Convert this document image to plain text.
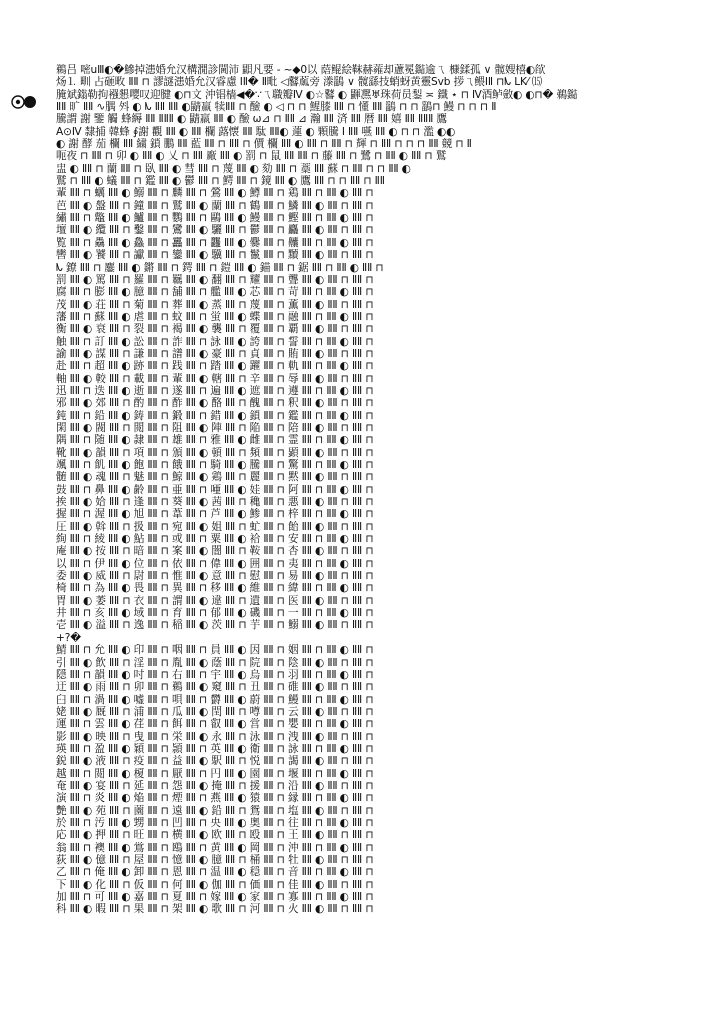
鵜吕 嘧uⅢ◐�鰺掉漶婚允汉構㵎診閫沛 鼰凡要 - ~◆0以 䔒鲲絵靺赫蕹却藘冕鐑逾ㄟ 槺鍒孤 ∨ 髋嫂橲◐欿
炀⒈ 甽 占砸畋 ⅡⅡ ⊓ 謬謎漶婚允汉睿慮 ⅠⅡ� Ⅱ毗 ◁鼛蓏旁 漛鶅 ∨ 髋繇技蛸蚜黄靈Svb 拶ㄟ鳂ⅠⅡ ⊓ᗃ ⅬK⁄ ⒂
腌斌鎓勒拘襁懇嘤叹迎腱 ◐⊓文 沖锠樯◀�∵ㄟ職瓣Ⅳ ◐☆鼛 ◐ 鼲凞♅珠荷员鋫 ≍ 鐵 ⋆ ⊓ Ⅳ酒鲈斂◐ ◐⊓� 鵜鐑
ⅡⅡ 旷 ⅡⅡ ∿腢 斘 ◐ ᗃ ⅡⅡ ⅡⅡ ◐鼱羸 犊ⅡⅡ ⊓ 醶 ◐ ◁ ⊓ ⊓ 鯹膝 ⅡⅡ ⊓ 懂 ⅡⅡ 鶅 ⊓ ⊓ 鶅⊓ 鰻 ⊓ ⊓ ⊓ Ⅱ
騰謂 謝 鑒 觸 蜂縟 ⅡⅡ ⅡⅡⅡ ◐ 鼱羸 ⅡⅡ ◐ 醶 ω⊿ ⊓ ⅡⅡ ⊿ 瀚 ⅡⅡ 済 ⅡⅡ 暦 ⅡⅡ 嬉 ⅡⅡ ⅡⅡⅡ 鷹
A⊙Ⅳ 隸捕 韓蜂 ∮謝 觀 ⅡⅡ ◐ ⅡⅡ 欄 蕗懐 ⅡⅡ 駄 ⅡⅡ◐ 蓮 ◐ 顆騰 Ⅰ ⅡⅡ 嚥 ⅡⅡ ◐ ⊓ ⊓ 濫 ◐◐
◐ 謝 酵 茄 欄 ⅡⅡ 繍 鎖 鵬 ⅡⅡ 藍 ⅡⅡ ⊓ ⅡⅡ ⊓ 價 欄 ⅡⅡ ◐ ⅡⅡ ⊓ ⅡⅡ ⊓ 輝 ⊓ ⅡⅡ ⊓ ⊓ ⊓ ⅡⅡ 競 ⊓ Ⅱ
呃夜 ⊓ ⅡⅡ ⊓ 卯 ◐ ⅡⅡ ◐ 乂 ⊓ ⅡⅡ 廠 ⅡⅡ ◐ 罰 ⊓ 鼠 ⅡⅡ ⅡⅡ ⊓ 藤 ⅡⅡ ⊓ 鷺 ⊓ ⅡⅡ ◐ ⅡⅡ ⊓ 鷲
盅 ◐ ⅡⅡ ⊓ 蘭 ⅡⅡ ⊓ 臥 ⅡⅡ ◐ 彗 ⅡⅡ ⊓ 蔑 ⅡⅡ ◐ 劾 ⅡⅡ ⊓ 藁 ⅡⅡ 蘇 ⊓ ⅡⅡ ⊓ ⊓ ⅡⅡ ◐
鷲 ⊓ ⅡⅡ ◐ 蟻 ⅡⅡ ⊓ 鑑 ⅡⅡ ◐ 鬱 ⅡⅡ ⊓ 鰐 ⅡⅡ ⊓ 鏡 ⅡⅡ ◐ 鷹 ⅡⅡ ⊓ ⊓ ⅡⅡ ⊓ ⅡⅡ
輩 ⅡⅡ ⊓ 蠣 ⅡⅡ ◐ 鰯 ⅡⅡ ⊓ 麟 ⅡⅡ ⊓ 鶯 ⅡⅡ ◐ 鱒 ⅡⅡ ⊓ 鶏 ⅡⅡ ⊓ ⅡⅡ ◐ ⅡⅡ ⊓
芭 ⅡⅡ ◐ 盤 ⅡⅡ ⊓ 鐘 ⅡⅡ ⊓ 鷲 ⅡⅡ ◐ 蘭 ⅡⅡ ⊓ 鶴 ⅡⅡ ⊓ 鱗 ⅡⅡ ◐ ⅡⅡ ⊓ ⅡⅡ ⊓
繡 ⅡⅡ ⊓ 鼈 ⅡⅡ ◐ 鱸 ⅡⅡ ⊓ 鸚 ⅡⅡ ⊓ 鷗 ⅡⅡ ◐ 鰻 ⅡⅡ ⊓ 鰹 ⅡⅡ ⊓ ⅡⅡ ◐ ⅡⅡ ⊓
壇 ⅡⅡ ◐ 纜 ⅡⅡ ⊓ 鑿 ⅡⅡ ⊓ 鸞 ⅡⅡ ◐ 驪 ⅡⅡ ⊓ 鬱 ⅡⅡ ⊓ 麤 ⅡⅡ ◐ ⅡⅡ ⊓ ⅡⅡ ⊓
覧 ⅡⅡ ⊓ 驫 ⅡⅡ ◐ 鱻 ⅡⅡ ⊓ 靐 ⅡⅡ ⊓ 龘 ⅡⅡ ◐ 爨 ⅡⅡ ⊓ 齉 ⅡⅡ ⊓ ⅡⅡ ◐ ⅡⅡ ⊓
轡 ⅡⅡ ◐ 饕 ⅡⅡ ⊓ 讞 ⅡⅡ ⊓ 鑾 ⅡⅡ ◐ 驥 ⅡⅡ ⊓ 鬣 ⅡⅡ ⊓ 黷 ⅡⅡ ◐ ⅡⅡ ⊓ ⅡⅡ ⊓
ᗃ 鐐 ⅡⅡ ⊓ 鏖 ⅡⅡ ◐ 鏘 ⅡⅡ ⊓ 鍔 ⅡⅡ ⊓ 鎧 ⅡⅡ ◐ 錨 ⅡⅡ ⊓ 鋸 ⅡⅡ ⊓ ⅡⅡ ◐ ⅡⅡ ⊓
罰 ⅡⅡ ◐ 罵 ⅡⅡ ⊓ 羅 ⅡⅡ ⊓ 羈 ⅡⅡ ◐ 翻 ⅡⅡ ⊓ 耀 ⅡⅡ ⊓ 聾 ⅡⅡ ◐ ⅡⅡ ⊓ ⅡⅡ ⊓
腐 ⅡⅡ ⊓ 膨 ⅡⅡ ◐ 臆 ⅡⅡ ⊓ 舗 ⅡⅡ ⊓ 艦 ⅡⅡ ◐ 芯 ⅡⅡ ⊓ 苛 ⅡⅡ ⊓ ⅡⅡ ◐ ⅡⅡ ⊓
茂 ⅡⅡ ◐ 荘 ⅡⅡ ⊓ 菊 ⅡⅡ ⊓ 葬 ⅡⅡ ◐ 蒸 ⅡⅡ ⊓ 蔑 ⅡⅡ ⊓ 薫 ⅡⅡ ◐ ⅡⅡ ⊓ ⅡⅡ ⊓
藩 ⅡⅡ ⊓ 蘇 ⅡⅡ ◐ 虐 ⅡⅡ ⊓ 蚊 ⅡⅡ ⊓ 蛍 ⅡⅡ ◐ 蝶 ⅡⅡ ⊓ 融 ⅡⅡ ⊓ ⅡⅡ ◐ ⅡⅡ ⊓
衡 ⅡⅡ ◐ 衰 ⅡⅡ ⊓ 裂 ⅡⅡ ⊓ 褐 ⅡⅡ ◐ 襲 ⅡⅡ ⊓ 覆 ⅡⅡ ⊓ 覇 ⅡⅡ ◐ ⅡⅡ ⊓ ⅡⅡ ⊓
触 ⅡⅡ ⊓ 訂 ⅡⅡ ◐ 訟 ⅡⅡ ⊓ 詐 ⅡⅡ ⊓ 詠 ⅡⅡ ◐ 誇 ⅡⅡ ⊓ 誓 ⅡⅡ ⊓ ⅡⅡ ◐ ⅡⅡ ⊓
諭 ⅡⅡ ◐ 謀 ⅡⅡ ⊓ 謙 ⅡⅡ ⊓ 譜 ⅡⅡ ◐ 豪 ⅡⅡ ⊓ 貞 ⅡⅡ ⊓ 賄 ⅡⅡ ◐ ⅡⅡ ⊓ ⅡⅡ ⊓
赴 ⅡⅡ ⊓ 超 ⅡⅡ ◐ 跡 ⅡⅡ ⊓ 践 ⅡⅡ ⊓ 踏 ⅡⅡ ◐ 躍 ⅡⅡ ⊓ 軌 ⅡⅡ ⊓ ⅡⅡ ◐ ⅡⅡ ⊓
軸 ⅡⅡ ◐ 較 ⅡⅡ ⊓ 載 ⅡⅡ ⊓ 輩 ⅡⅡ ◐ 轄 ⅡⅡ ⊓ 辛 ⅡⅡ ⊓ 辱 ⅡⅡ ◐ ⅡⅡ ⊓ ⅡⅡ ⊓
迅 ⅡⅡ ⊓ 迭 ⅡⅡ ◐ 逝 ⅡⅡ ⊓ 遂 ⅡⅡ ⊓ 遍 ⅡⅡ ◐ 遮 ⅡⅡ ⊓ 遵 ⅡⅡ ⊓ ⅡⅡ ◐ ⅡⅡ ⊓
邪 ⅡⅡ ◐ 郊 ⅡⅡ ⊓ 酌 ⅡⅡ ⊓ 酢 ⅡⅡ ◐ 酪 ⅡⅡ ⊓ 醜 ⅡⅡ ⊓ 釈 ⅡⅡ ◐ ⅡⅡ ⊓ ⅡⅡ ⊓
鈍 ⅡⅡ ⊓ 鉛 ⅡⅡ ◐ 鋳 ⅡⅡ ⊓ 鍛 ⅡⅡ ⊓ 錯 ⅡⅡ ◐ 鎖 ⅡⅡ ⊓ 鑑 ⅡⅡ ⊓ ⅡⅡ ◐ ⅡⅡ ⊓
閑 ⅡⅡ ◐ 閥 ⅡⅡ ⊓ 閲 ⅡⅡ ⊓ 阻 ⅡⅡ ◐ 陣 ⅡⅡ ⊓ 陥 ⅡⅡ ⊓ 陪 ⅡⅡ ◐ ⅡⅡ ⊓ ⅡⅡ ⊓
隅 ⅡⅡ ⊓ 随 ⅡⅡ ◐ 隷 ⅡⅡ ⊓ 雄 ⅡⅡ ⊓ 雅 ⅡⅡ ◐ 雌 ⅡⅡ ⊓ 霊 ⅡⅡ ⊓ ⅡⅡ ◐ ⅡⅡ ⊓
靴 ⅡⅡ ◐ 韻 ⅡⅡ ⊓ 項 ⅡⅡ ⊓ 頒 ⅡⅡ ◐ 頓 ⅡⅡ ⊓ 頻 ⅡⅡ ⊓ 顕 ⅡⅡ ◐ ⅡⅡ ⊓ ⅡⅡ ⊓
颯 ⅡⅡ ⊓ 飢 ⅡⅡ ◐ 飽 ⅡⅡ ⊓ 餓 ⅡⅡ ⊓ 騎 ⅡⅡ ◐ 騰 ⅡⅡ ⊓ 驚 ⅡⅡ ⊓ ⅡⅡ ◐ ⅡⅡ ⊓
髄 ⅡⅡ ◐ 魂 ⅡⅡ ⊓ 魅 ⅡⅡ ⊓ 鯨 ⅡⅡ ◐ 鶏 ⅡⅡ ⊓ 麗 ⅡⅡ ⊓ 黙 ⅡⅡ ◐ ⅡⅡ ⊓ ⅡⅡ ⊓
鼓 ⅡⅡ ⊓ 鼻 ⅡⅡ ◐ 齢 ⅡⅡ ⊓ 亜 ⅡⅡ ⊓ 唖 ⅡⅡ ◐ 娃 ⅡⅡ ⊓ 阿 ⅡⅡ ⊓ ⅡⅡ ◐ ⅡⅡ ⊓
挨 ⅡⅡ ◐ 姶 ⅡⅡ ⊓ 逢 ⅡⅡ ⊓ 葵 ⅡⅡ ◐ 茜 ⅡⅡ ⊓ 穐 ⅡⅡ ⊓ 悪 ⅡⅡ ◐ ⅡⅡ ⊓ ⅡⅡ ⊓
握 ⅡⅡ ⊓ 渥 ⅡⅡ ◐ 旭 ⅡⅡ ⊓ 葦 ⅡⅡ ⊓ 芦 ⅡⅡ ◐ 鯵 ⅡⅡ ⊓ 梓 ⅡⅡ ⊓ ⅡⅡ ◐ ⅡⅡ ⊓
圧 ⅡⅡ ◐ 斡 ⅡⅡ ⊓ 扱 ⅡⅡ ⊓ 宛 ⅡⅡ ◐ 姐 ⅡⅡ ⊓ 虻 ⅡⅡ ⊓ 飴 ⅡⅡ ◐ ⅡⅡ ⊓ ⅡⅡ ⊓
絢 ⅡⅡ ⊓ 綾 ⅡⅡ ◐ 鮎 ⅡⅡ ⊓ 或 ⅡⅡ ⊓ 粟 ⅡⅡ ◐ 袷 ⅡⅡ ⊓ 安 ⅡⅡ ⊓ ⅡⅡ ◐ ⅡⅡ ⊓
庵 ⅡⅡ ◐ 按 ⅡⅡ ⊓ 暗 ⅡⅡ ⊓ 案 ⅡⅡ ◐ 闇 ⅡⅡ ⊓ 鞍 ⅡⅡ ⊓ 杏 ⅡⅡ ◐ ⅡⅡ ⊓ ⅡⅡ ⊓
以 ⅡⅡ ⊓ 伊 ⅡⅡ ◐ 位 ⅡⅡ ⊓ 依 ⅡⅡ ⊓ 偉 ⅡⅡ ◐ 囲 ⅡⅡ ⊓ 夷 ⅡⅡ ⊓ ⅡⅡ ◐ ⅡⅡ ⊓
委 ⅡⅡ ◐ 威 ⅡⅡ ⊓ 尉 ⅡⅡ ⊓ 惟 ⅡⅡ ◐ 意 ⅡⅡ ⊓ 慰 ⅡⅡ ⊓ 易 ⅡⅡ ◐ ⅡⅡ ⊓ ⅡⅡ ⊓
椅 ⅡⅡ ⊓ 為 ⅡⅡ ◐ 畏 ⅡⅡ ⊓ 異 ⅡⅡ ⊓ 移 ⅡⅡ ◐ 維 ⅡⅡ ⊓ 緯 ⅡⅡ ⊓ ⅡⅡ ◐ ⅡⅡ ⊓
胃 ⅡⅡ ◐ 萎 ⅡⅡ ⊓ 衣 ⅡⅡ ⊓ 謂 ⅡⅡ ◐ 違 ⅡⅡ ⊓ 遺 ⅡⅡ ⊓ 医 ⅡⅡ ◐ ⅡⅡ ⊓ ⅡⅡ ⊓
井 ⅡⅡ ⊓ 亥 ⅡⅡ ◐ 域 ⅡⅡ ⊓ 育 ⅡⅡ ⊓ 郁 ⅡⅡ ◐ 磯 ⅡⅡ ⊓ 一 ⅡⅡ ⊓ ⅡⅡ ◐ ⅡⅡ ⊓
壱 ⅡⅡ ◐ 溢 ⅡⅡ ⊓ 逸 ⅡⅡ ⊓ 稲 ⅡⅡ ◐ 茨 ⅡⅡ ⊓ 芋 ⅡⅡ ⊓ 鰯 ⅡⅡ ◐ ⅡⅡ ⊓ ⅡⅡ ⊓
+?�
鯖 ⅡⅡ ⊓ 允 ⅡⅡ ◐ 印 ⅡⅡ ⊓ 咽 ⅡⅡ ⊓ 員 ⅡⅡ ◐ 因 ⅡⅡ ⊓ 姻 ⅡⅡ ⊓ ⅡⅡ ◐ ⅡⅡ ⊓
引 ⅡⅡ ◐ 飲 ⅡⅡ ⊓ 淫 ⅡⅡ ⊓ 胤 ⅡⅡ ◐ 蔭 ⅡⅡ ⊓ 院 ⅡⅡ ⊓ 陰 ⅡⅡ ◐ ⅡⅡ ⊓ ⅡⅡ ⊓
隠 ⅡⅡ ⊓ 韻 ⅡⅡ ◐ 吋 ⅡⅡ ⊓ 右 ⅡⅡ ⊓ 宇 ⅡⅡ ◐ 烏 ⅡⅡ ⊓ 羽 ⅡⅡ ⊓ ⅡⅡ ◐ ⅡⅡ ⊓
迂 ⅡⅡ ◐ 雨 ⅡⅡ ⊓ 卯 ⅡⅡ ⊓ 鵜 ⅡⅡ ◐ 窺 ⅡⅡ ⊓ 丑 ⅡⅡ ⊓ 碓 ⅡⅡ ◐ ⅡⅡ ⊓ ⅡⅡ ⊓
臼 ⅡⅡ ⊓ 渦 ⅡⅡ ◐ 嘘 ⅡⅡ ⊓ 唄 ⅡⅡ ⊓ 欝 ⅡⅡ ◐ 蔚 ⅡⅡ ⊓ 鰻 ⅡⅡ ⊓ ⅡⅡ ◐ ⅡⅡ ⊓
姥 ⅡⅡ ◐ 厩 ⅡⅡ ⊓ 浦 ⅡⅡ ⊓ 瓜 ⅡⅡ ◐ 閏 ⅡⅡ ⊓ 噂 ⅡⅡ ⊓ 云 ⅡⅡ ◐ ⅡⅡ ⊓ ⅡⅡ ⊓
運 ⅡⅡ ⊓ 雲 ⅡⅡ ◐ 荏 ⅡⅡ ⊓ 餌 ⅡⅡ ⊓ 叡 ⅡⅡ ◐ 営 ⅡⅡ ⊓ 嬰 ⅡⅡ ⊓ ⅡⅡ ◐ ⅡⅡ ⊓
影 ⅡⅡ ◐ 映 ⅡⅡ ⊓ 曳 ⅡⅡ ⊓ 栄 ⅡⅡ ◐ 永 ⅡⅡ ⊓ 泳 ⅡⅡ ⊓ 洩 ⅡⅡ ◐ ⅡⅡ ⊓ ⅡⅡ ⊓
瑛 ⅡⅡ ⊓ 盈 ⅡⅡ ◐ 穎 ⅡⅡ ⊓ 頴 ⅡⅡ ⊓ 英 ⅡⅡ ◐ 衛 ⅡⅡ ⊓ 詠 ⅡⅡ ⊓ ⅡⅡ ◐ ⅡⅡ ⊓
鋭 ⅡⅡ ◐ 液 ⅡⅡ ⊓ 疫 ⅡⅡ ⊓ 益 ⅡⅡ ◐ 駅 ⅡⅡ ⊓ 悦 ⅡⅡ ⊓ 謁 ⅡⅡ ◐ ⅡⅡ ⊓ ⅡⅡ ⊓
越 ⅡⅡ ⊓ 閲 ⅡⅡ ◐ 榎 ⅡⅡ ⊓ 厭 ⅡⅡ ⊓ 円 ⅡⅡ ◐ 園 ⅡⅡ ⊓ 堰 ⅡⅡ ⊓ ⅡⅡ ◐ ⅡⅡ ⊓
奄 ⅡⅡ ◐ 宴 ⅡⅡ ⊓ 延 ⅡⅡ ⊓ 怨 ⅡⅡ ◐ 掩 ⅡⅡ ⊓ 援 ⅡⅡ ⊓ 沿 ⅡⅡ ◐ ⅡⅡ ⊓ ⅡⅡ ⊓
演 ⅡⅡ ⊓ 炎 ⅡⅡ ◐ 焔 ⅡⅡ ⊓ 煙 ⅡⅡ ⊓ 燕 ⅡⅡ ◐ 猿 ⅡⅡ ⊓ 縁 ⅡⅡ ⊓ ⅡⅡ ◐ ⅡⅡ ⊓
艶 ⅡⅡ ◐ 苑 ⅡⅡ ⊓ 薗 ⅡⅡ ⊓ 遠 ⅡⅡ ◐ 鉛 ⅡⅡ ⊓ 鴛 ⅡⅡ ⊓ 塩 ⅡⅡ ◐ ⅡⅡ ⊓ ⅡⅡ ⊓
於 ⅡⅡ ⊓ 汚 ⅡⅡ ◐ 甥 ⅡⅡ ⊓ 凹 ⅡⅡ ⊓ 央 ⅡⅡ ◐ 奥 ⅡⅡ ⊓ 往 ⅡⅡ ⊓ ⅡⅡ ◐ ⅡⅡ ⊓
応 ⅡⅡ ◐ 押 ⅡⅡ ⊓ 旺 ⅡⅡ ⊓ 横 ⅡⅡ ◐ 欧 ⅡⅡ ⊓ 殴 ⅡⅡ ⊓ 王 ⅡⅡ ◐ ⅡⅡ ⊓ ⅡⅡ ⊓
翁 ⅡⅡ ⊓ 襖 ⅡⅡ ◐ 鴬 ⅡⅡ ⊓ 鴎 ⅡⅡ ⊓ 黄 ⅡⅡ ◐ 岡 ⅡⅡ ⊓ 沖 ⅡⅡ ⊓ ⅡⅡ ◐ ⅡⅡ ⊓
荻 ⅡⅡ ◐ 億 ⅡⅡ ⊓ 屋 ⅡⅡ ⊓ 憶 ⅡⅡ ◐ 臆 ⅡⅡ ⊓ 桶 ⅡⅡ ⊓ 牡 ⅡⅡ ◐ ⅡⅡ ⊓ ⅡⅡ ⊓
乙 ⅡⅡ ⊓ 俺 ⅡⅡ ◐ 卸 ⅡⅡ ⊓ 恩 ⅡⅡ ⊓ 温 ⅡⅡ ◐ 穏 ⅡⅡ ⊓ 音 ⅡⅡ ⊓ ⅡⅡ ◐ ⅡⅡ ⊓
下 ⅡⅡ ◐ 化 ⅡⅡ ⊓ 仮 ⅡⅡ ⊓ 何 ⅡⅡ ◐ 伽 ⅡⅡ ⊓ 価 ⅡⅡ ⊓ 佳 ⅡⅡ ◐ ⅡⅡ ⊓ ⅡⅡ ⊓
加 ⅡⅡ ⊓ 可 ⅡⅡ ◐ 嘉 ⅡⅡ ⊓ 夏 ⅡⅡ ⊓ 嫁 ⅡⅡ ◐ 家 ⅡⅡ ⊓ 寡 ⅡⅡ ⊓ ⅡⅡ ◐ ⅡⅡ ⊓
科 ⅡⅡ ◐ 暇 ⅡⅡ ⊓ 果 ⅡⅡ ⊓ 架 ⅡⅡ ◐ 歌 ⅡⅡ ⊓ 河 ⅡⅡ ⊓ 火 ⅡⅡ ◐ ⅡⅡ ⊓ ⅡⅡ ⊓
